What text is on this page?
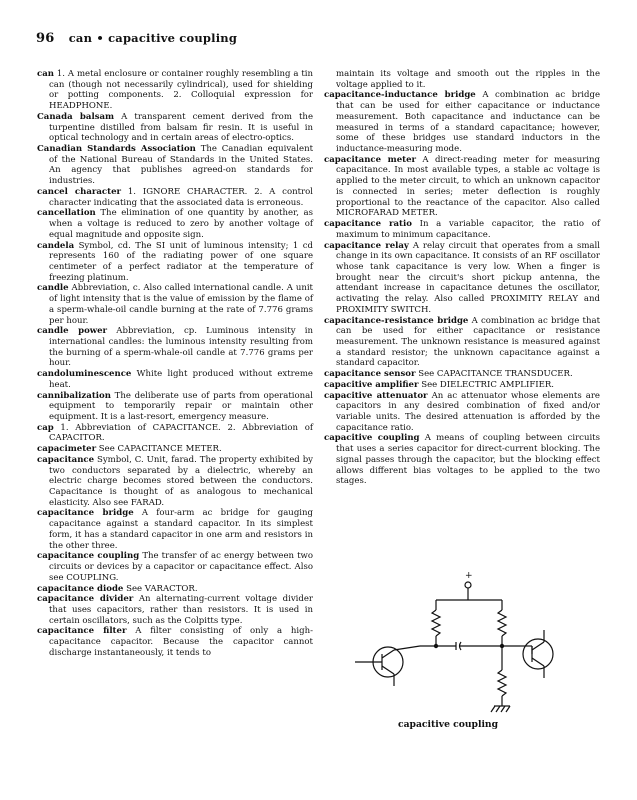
96 can • capacitive coupling

can 1. A metal enclosure or container roughly resembling a tin can (though not necessarily cylindrical), used for shielding or potting components. 2. Colloquial expression for HEADPHONE.

Canada balsam A transparent cement derived from the turpentine distilled from balsam fir resin. It is useful in optical technology and in certain areas of electro-optics.

Canadian Standards Association The Canadian equivalent of the National Bureau of Standards in the United States. An agency that publishes agreed-on standards for industries.

cancel character 1. IGNORE CHARACTER. 2. A control character indicating that the associated data is erroneous.

cancellation The elimination of one quantity by another, as when a voltage is reduced to zero by another voltage of equal magnitude and opposite sign.

candela Symbol, cd. The SI unit of luminous intensity; 1 cd represents 160 of the radiating power of one square centimeter of a perfect radiator at the temperature of freezing platinum.

candle Abbreviation, c. Also called international candle. A unit of light intensity that is the value of emission by the flame of a sperm-whale-oil candle burning at the rate of 7.776 grams per hour.

candle power Abbreviation, cp. Luminous intensity in international candles: the luminous intensity resulting from the burning of a sperm-whale-oil candle at 7.776 grams per hour.

candoluminescence White light produced without extreme heat.

cannibalization The deliberate use of parts from operational equipment to temporarily repair or maintain other equipment. It is a last-resort, emergency measure.

cap 1. Abbreviation of CAPACITANCE. 2. Abbreviation of CAPACITOR.

capacimeter See CAPACITANCE METER.

capacitance Symbol, C. Unit, farad. The property exhibited by two conductors separated by a dielectric, whereby an electric charge becomes stored between the conductors. Capacitance is thought of as analogous to mechanical elasticity. Also see FARAD.

capacitance bridge A four-arm ac bridge for gauging capacitance against a standard capacitor. In its simplest form, it has a standard capacitor in one arm and resistors in the other three.

capacitance coupling The transfer of ac energy between two circuits or devices by a capacitor or capacitance effect. Also see COUPLING.

capacitance diode See VARACTOR.

capacitance divider An alternating-current voltage divider that uses capacitors, rather than resistors. It is used in certain oscillators, such as the Colpitts type.

capacitance filter A filter consisting of only a high-capacitance capacitor. Because the capacitor cannot discharge instantaneously, it tends to

maintain its voltage and smooth out the ripples in the voltage applied to it.

capacitance-inductance bridge A combination ac bridge that can be used for either capacitance or inductance measurement. Both capacitance and inductance can be measured in terms of a standard capacitance; however, some of these bridges use standard inductors in the inductance-measuring mode.

capacitance meter A direct-reading meter for measuring capacitance. In most available types, a stable ac voltage is applied to the meter circuit, to which an unknown capacitor is connected in series; meter deflection is roughly proportional to the reactance of the capacitor. Also called MICROFARAD METER.

capacitance ratio In a variable capacitor, the ratio of maximum to minimum capacitance.

capacitance relay A relay circuit that operates from a small change in its own capacitance. It consists of an RF oscillator whose tank capacitance is very low. When a finger is brought near the circuit's short pickup antenna, the attendant increase in capacitance detunes the oscillator, activating the relay. Also called PROXIMITY RELAY and PROXIMITY SWITCH.

capacitance-resistance bridge A combination ac bridge that can be used for either capacitance or resistance measurement. The unknown resistance is measured against a standard resistor; the unknown capacitance against a standard capacitor.

capacitance sensor See CAPACITANCE TRANSDUCER.

capacitive amplifier See DIELECTRIC AMPLIFIER.

capacitive attenuator An ac attenuator whose elements are capacitors in any desired combination of fixed and/or variable units. The desired attenuation is afforded by the capacitance ratio.

capacitive coupling A means of coupling between circuits that uses a series capacitor for direct-current blocking. The signal passes through the capacitor, but the blocking effect allows different bias voltages to be applied to the two stages.

+
capacitive coupling
